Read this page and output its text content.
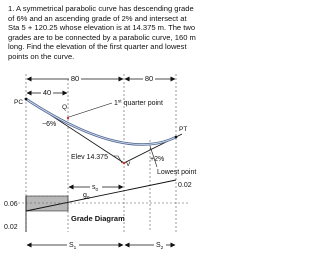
1. A symmetrical parabolic curve has descending grade of 6% and an ascending grade of 2% and intersect at Sta 5 + 120.25 whose elevation is at 14.375 m. The two grades are to be connected by a parabolic curve, 160 m long. Find the elevation of the first quarter and lowest points on the curve.

80	80
40
PC
Q
PT
V
1st quarter point
−6%
+2%
Lowest point
Elev 14.375
$s_0$
$g_0$
0.06
0.02
0.02
Grade Diagram
$S_1$	$S_2$
